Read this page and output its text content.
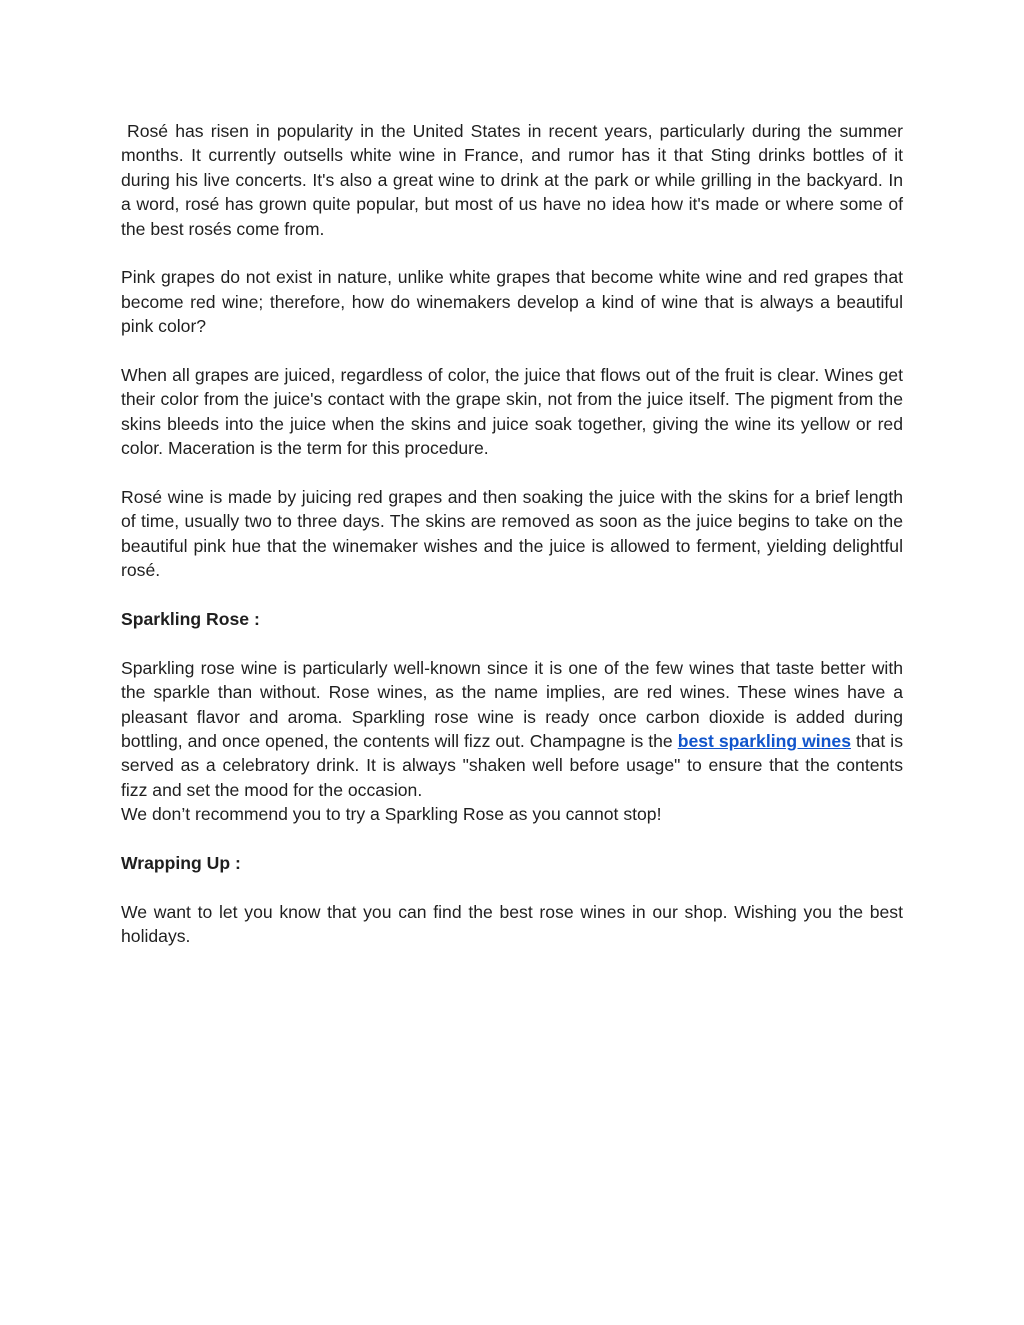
Rosé has risen in popularity in the United States in recent years, particularly during the summer months. It currently outsells white wine in France, and rumor has it that Sting drinks bottles of it during his live concerts. It's also a great wine to drink at the park or while grilling in the backyard. In a word, rosé has grown quite popular, but most of us have no idea how it's made or where some of the best rosés come from.

Pink grapes do not exist in nature, unlike white grapes that become white wine and red grapes that become red wine; therefore, how do winemakers develop a kind of wine that is always a beautiful pink color?

When all grapes are juiced, regardless of color, the juice that flows out of the fruit is clear. Wines get their color from the juice's contact with the grape skin, not from the juice itself. The pigment from the skins bleeds into the juice when the skins and juice soak together, giving the wine its yellow or red color. Maceration is the term for this procedure.

Rosé wine is made by juicing red grapes and then soaking the juice with the skins for a brief length of time, usually two to three days. The skins are removed as soon as the juice begins to take on the beautiful pink hue that the winemaker wishes and the juice is allowed to ferment, yielding delightful rosé.

Sparkling Rose :

Sparkling rose wine is particularly well-known since it is one of the few wines that taste better with the sparkle than without. Rose wines, as the name implies, are red wines. These wines have a pleasant flavor and aroma. Sparkling rose wine is ready once carbon dioxide is added during bottling, and once opened, the contents will fizz out. Champagne is the best sparkling wines that is served as a celebratory drink. It is always "shaken well before usage" to ensure that the contents fizz and set the mood for the occasion.

We don’t recommend you to try a Sparkling Rose as you cannot stop!

Wrapping Up :

We want to let you know that you can find the best rose wines in our shop. Wishing you the best holidays.
